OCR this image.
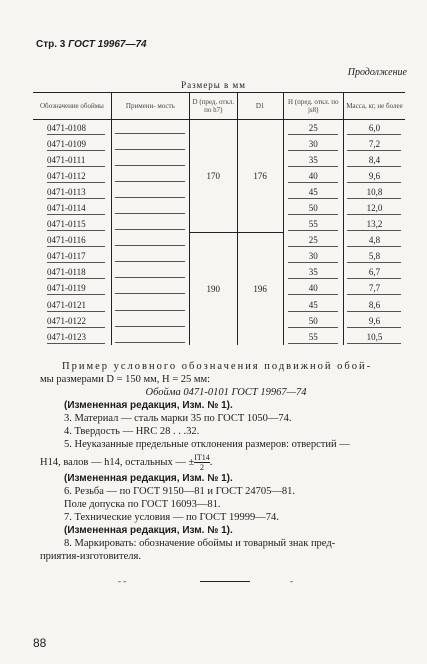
Стр. 3 ГОСТ 19967—74
Продолжение
Размеры в мм
Обозначение обоймы	Примени- мость	D (пред. откл. по h7)	D1	H (пред. откл. по js8)	Масса, кг, не более
0471-0108		170	176	25	6,0
0471-0109				30	7,2
0471-0111				35	8,4
0471-0112				40	9,6
0471-0113				45	10,8
0471-0114				50	12,0
0471-0115				55	13,2
0471-0116		190	196	25	4,8
0471-0117				30	5,8
0471-0118				35	6,7
0471-0119				40	7,7
0471-0121				45	8,6
0471-0122				50	9,6
0471-0123				55	10,5

Пример условного обозначения подвижной обой-

мы размерами D = 150 мм, H = 25 мм:

Обойма 0471-0101 ГОСТ 19967—74

(Измененная редакция, Изм. № 1).

3. Материал — сталь марки 35 по ГОСТ 1050—74.

4. Твердость — HRC 28 . . .32.

5. Неуказанные предельные отклонения размеров: отверстий —

H14, валов — h14, остальных — ± $\frac{IT14}{2}$.

(Измененная редакция, Изм. № 1).

6. Резьба — по ГОСТ 9150—81 и ГОСТ 24705—81.

Поле допуска по ГОСТ 16093—81.

7. Технические условия — по ГОСТ 19999—74.

(Измененная редакция, Изм. № 1).

8. Маркировать: обозначение обоймы и товарный знак пред-

приятия-изготовителя.

- -	-
88
